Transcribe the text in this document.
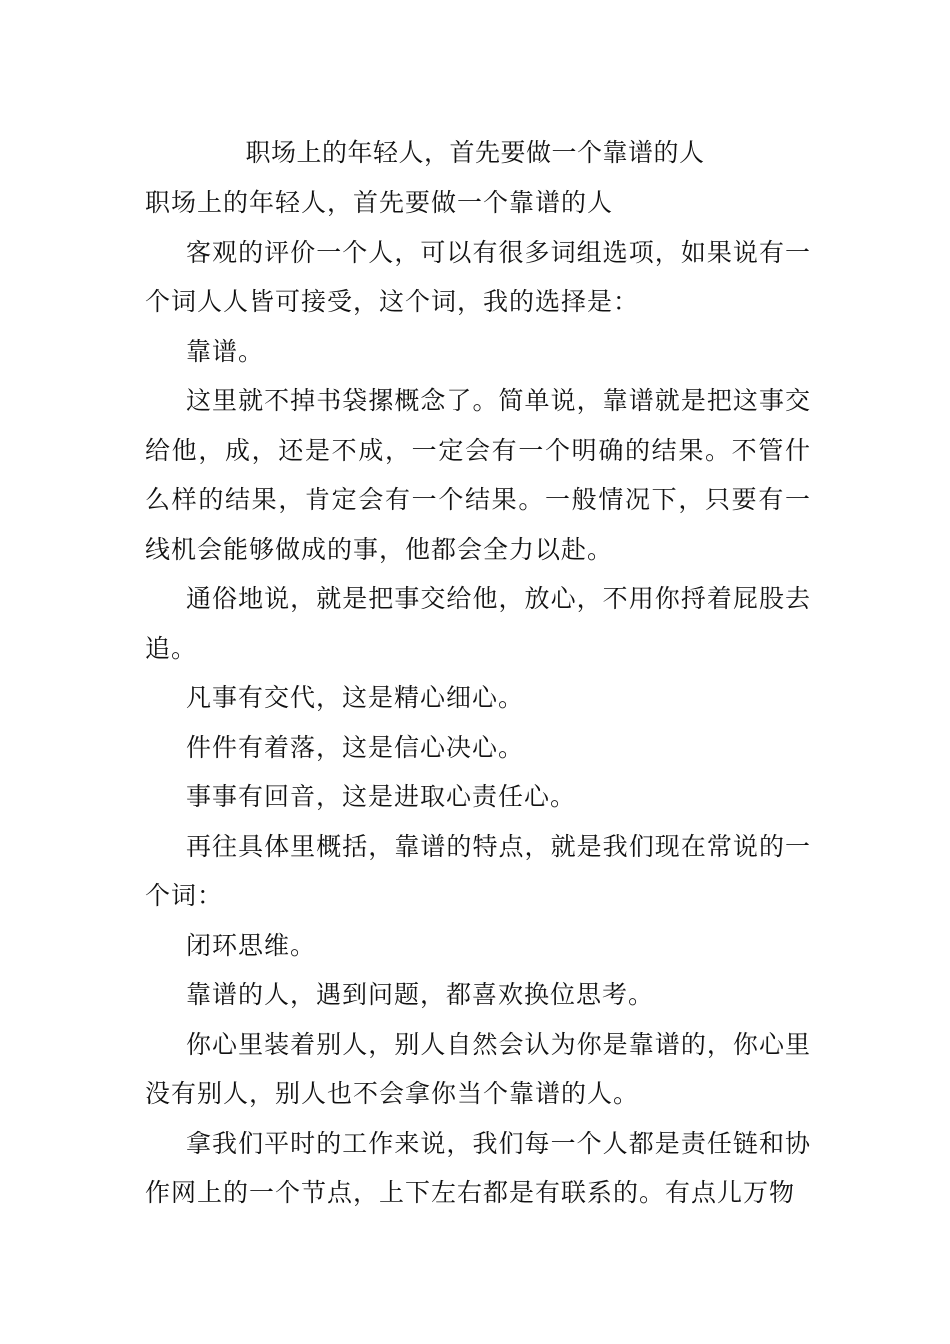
职场上的年轻人，首先要做一个靠谱的人

职场上的年轻人，首先要做一个靠谱的人

客观的评价一个人，可以有很多词组选项，如果说有一个词人人皆可接受，这个词，我的选择是：

靠谱。

这里就不掉书袋摞概念了。简单说，靠谱就是把这事交给他，成，还是不成，一定会有一个明确的结果。不管什么样的结果，肯定会有一个结果。一般情况下，只要有一线机会能够做成的事，他都会全力以赴。

通俗地说，就是把事交给他，放心，不用你捋着屁股去追。

凡事有交代，这是精心细心。

件件有着落，这是信心决心。

事事有回音，这是进取心责任心。

再往具体里概括，靠谱的特点，就是我们现在常说的一个词：

闭环思维。

靠谱的人，遇到问题，都喜欢换位思考。

你心里装着别人，别人自然会认为你是靠谱的，你心里没有别人，别人也不会拿你当个靠谱的人。

拿我们平时的工作来说，我们每一个人都是责任链和协作网上的一个节点，上下左右都是有联系的。有点儿万物
